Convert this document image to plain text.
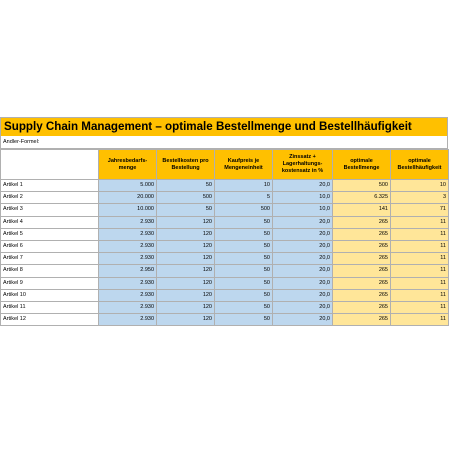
Supply Chain Management – optimale Bestellmenge und Bestellhäufigkeit
Andler-Formel:
	Jahresbedarfs-menge	Bestellkosten pro Bestellung	Kaufpreis je Mengeneinheit	Zinssatz + Lagerhaltungs-kostensatz in %	optimale Bestellmenge	optimale Bestellhäufigkeit
Artikel 1	5.000	50	10	20,0	500	10
Artikel 2	20.000	500	5	10,0	6.325	3
Artikel 3	10.000	50	500	10,0	141	71
Artikel 4	2.930	120	50	20,0	265	11
Artikel 5	2.930	120	50	20,0	265	11
Artikel 6	2.930	120	50	20,0	265	11
Artikel 7	2.930	120	50	20,0	265	11
Artikel 8	2.950	120	50	20,0	265	11
Artikel 9	2.930	120	50	20,0	265	11
Artikel 10	2.930	120	50	20,0	265	11
Artikel 11	2.930	120	50	20,0	265	11
Artikel 12	2.930	120	50	20,0	265	11
